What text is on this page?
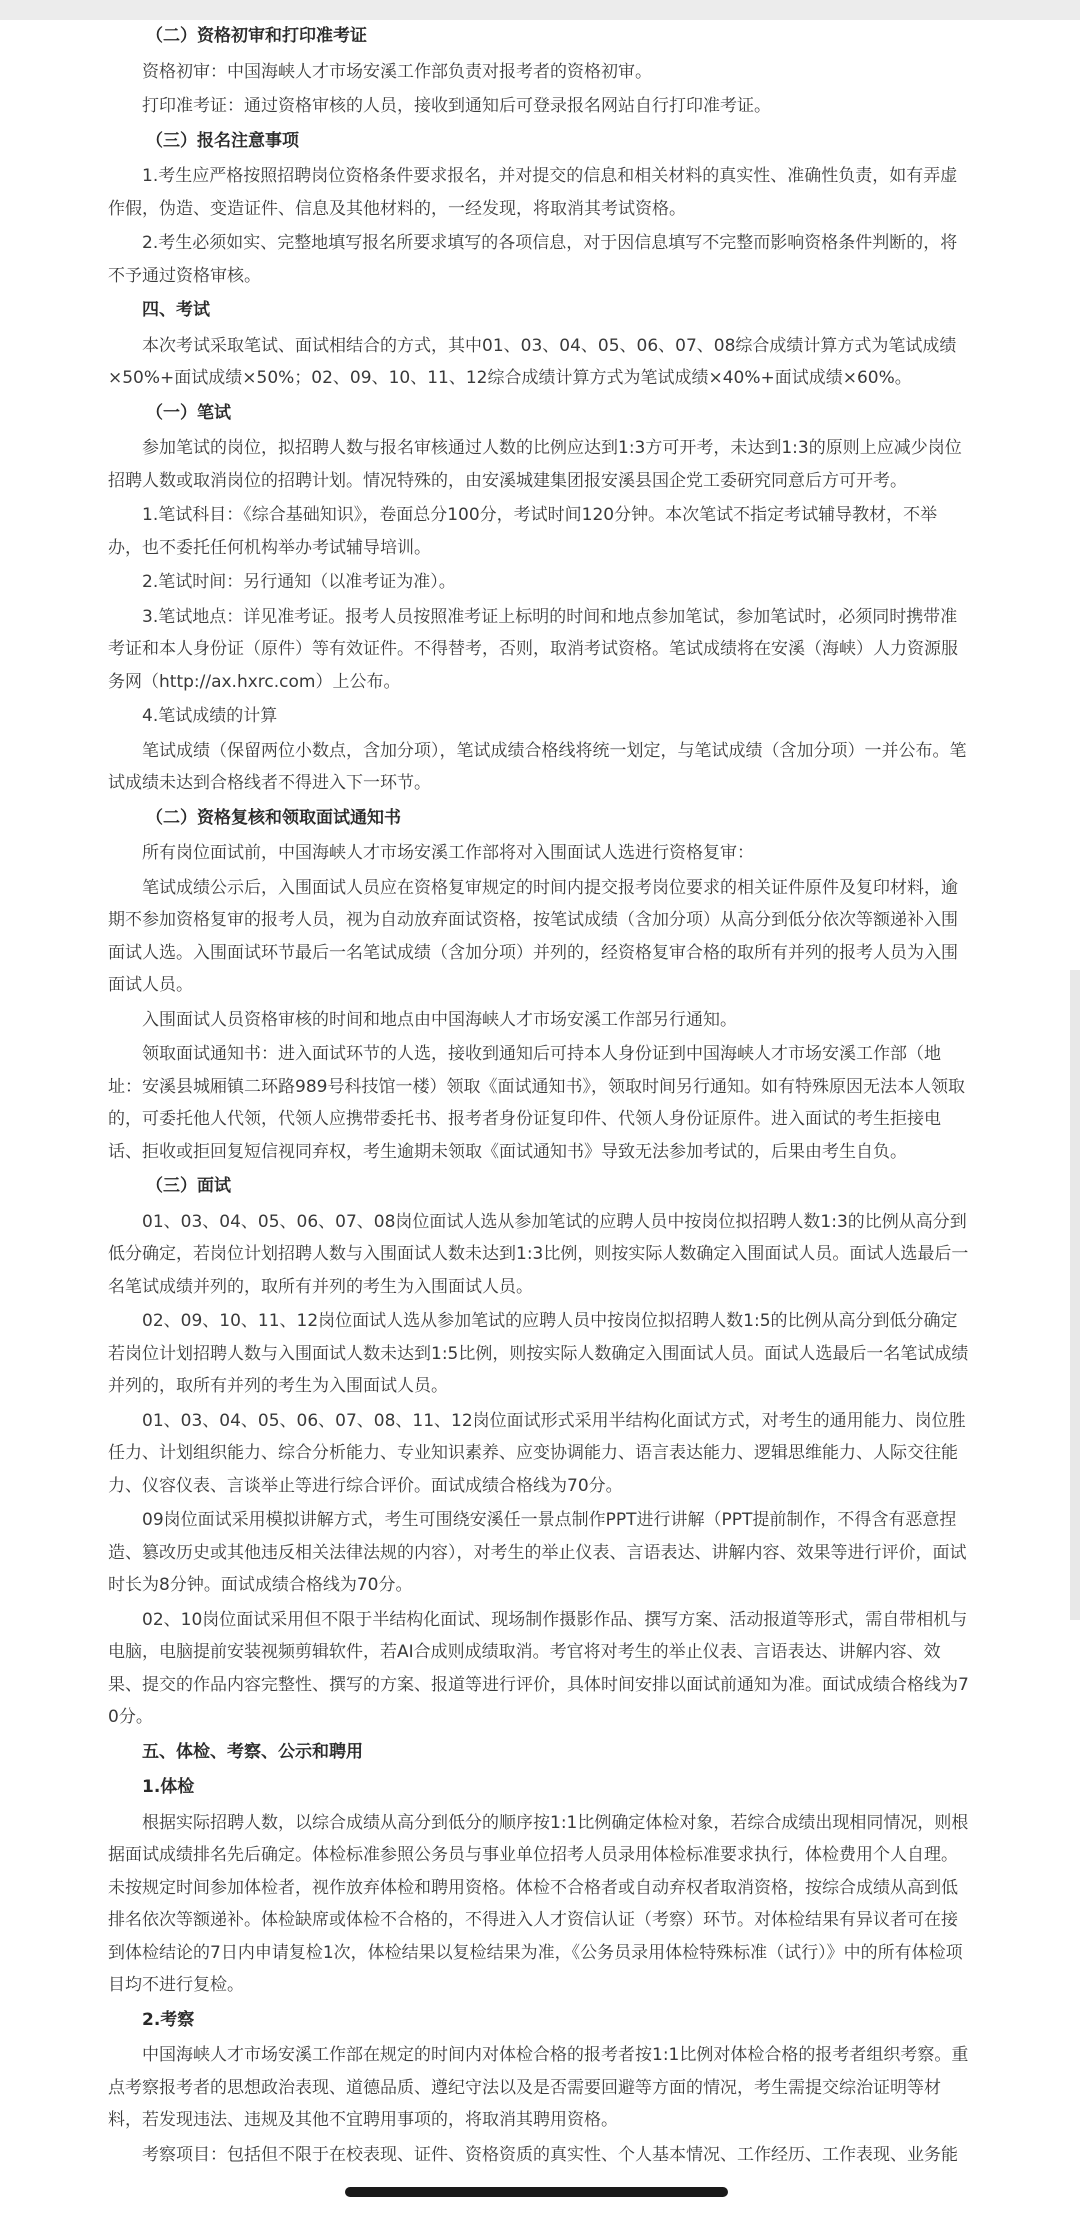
（二）资格初审和打印准考证
资格初审：中国海峡人才市场安溪工作部负责对报考者的资格初审。
打印准考证：通过资格审核的人员，接收到通知后可登录报名网站自行打印准考证。
（三）报名注意事项
1.考生应严格按照招聘岗位资格条件要求报名，并对提交的信息和相关材料的真实性、准确性负责，如有弄虚作假，伪造、变造证件、信息及其他材料的，一经发现，将取消其考试资格。
2.考生必须如实、完整地填写报名所要求填写的各项信息，对于因信息填写不完整而影响资格条件判断的，将不予通过资格审核。
四、考试
本次考试采取笔试、面试相结合的方式，其中01、03、04、05、06、07、08综合成绩计算方式为笔试成绩×50%+面试成绩×50%；02、09、10、11、12综合成绩计算方式为笔试成绩×40%+面试成绩×60%。
（一）笔试
参加笔试的岗位，拟招聘人数与报名审核通过人数的比例应达到1:3方可开考，未达到1:3的原则上应减少岗位招聘人数或取消岗位的招聘计划。情况特殊的，由安溪城建集团报安溪县国企党工委研究同意后方可开考。
1.笔试科目：《综合基础知识》，卷面总分100分，考试时间120分钟。本次笔试不指定考试辅导教材，不举办，也不委托任何机构举办考试辅导培训。
2.笔试时间：另行通知（以准考证为准）。
3.笔试地点：详见准考证。报考人员按照准考证上标明的时间和地点参加笔试，参加笔试时，必须同时携带准考证和本人身份证（原件）等有效证件。不得替考，否则，取消考试资格。笔试成绩将在安溪（海峡）人力资源服务网（http://ax.hxrc.com）上公布。
4.笔试成绩的计算
笔试成绩（保留两位小数点，含加分项），笔试成绩合格线将统一划定，与笔试成绩（含加分项）一并公布。笔试成绩未达到合格线者不得进入下一环节。
（二）资格复核和领取面试通知书
所有岗位面试前，中国海峡人才市场安溪工作部将对入围面试人选进行资格复审：
笔试成绩公示后，入围面试人员应在资格复审规定的时间内提交报考岗位要求的相关证件原件及复印材料，逾期不参加资格复审的报考人员，视为自动放弃面试资格，按笔试成绩（含加分项）从高分到低分依次等额递补入围面试人选。入围面试环节最后一名笔试成绩（含加分项）并列的，经资格复审合格的取所有并列的报考人员为入围面试人员。
入围面试人员资格审核的时间和地点由中国海峡人才市场安溪工作部另行通知。
领取面试通知书：进入面试环节的人选，接收到通知后可持本人身份证到中国海峡人才市场安溪工作部（地址：安溪县城厢镇二环路989号科技馆一楼）领取《面试通知书》，领取时间另行通知。如有特殊原因无法本人领取的，可委托他人代领，代领人应携带委托书、报考者身份证复印件、代领人身份证原件。进入面试的考生拒接电话、拒收或拒回复短信视同弃权，考生逾期未领取《面试通知书》导致无法参加考试的，后果由考生自负。
（三）面试
01、03、04、05、06、07、08岗位面试人选从参加笔试的应聘人员中按岗位拟招聘人数1:3的比例从高分到低分确定，若岗位计划招聘人数与入围面试人数未达到1:3比例，则按实际人数确定入围面试人员。面试人选最后一名笔试成绩并列的，取所有并列的考生为入围面试人员。
02、09、10、11、12岗位面试人选从参加笔试的应聘人员中按岗位拟招聘人数1:5的比例从高分到低分确定若岗位计划招聘人数与入围面试人数未达到1:5比例，则按实际人数确定入围面试人员。面试人选最后一名笔试成绩并列的，取所有并列的考生为入围面试人员。
01、03、04、05、06、07、08、11、12岗位面试形式采用半结构化面试方式，对考生的通用能力、岗位胜任力、计划组织能力、综合分析能力、专业知识素养、应变协调能力、语言表达能力、逻辑思维能力、人际交往能力、仪容仪表、言谈举止等进行综合评价。面试成绩合格线为70分。
09岗位面试采用模拟讲解方式，考生可围绕安溪任一景点制作PPT进行讲解（PPT提前制作，不得含有恶意捏造、篡改历史或其他违反相关法律法规的内容），对考生的举止仪表、言语表达、讲解内容、效果等进行评价，面试时长为8分钟。面试成绩合格线为70分。
02、10岗位面试采用但不限于半结构化面试、现场制作摄影作品、撰写方案、活动报道等形式，需自带相机与电脑，电脑提前安装视频剪辑软件，若AI合成则成绩取消。考官将对考生的举止仪表、言语表达、讲解内容、效果、提交的作品内容完整性、撰写的方案、报道等进行评价，具体时间安排以面试前通知为准。面试成绩合格线为70分。
五、体检、考察、公示和聘用
1.体检
根据实际招聘人数，以综合成绩从高分到低分的顺序按1:1比例确定体检对象，若综合成绩出现相同情况，则根据面试成绩排名先后确定。体检标准参照公务员与事业单位招考人员录用体检标准要求执行，体检费用个人自理。未按规定时间参加体检者，视作放弃体检和聘用资格。体检不合格者或自动弃权者取消资格，按综合成绩从高到低排名依次等额递补。体检缺席或体检不合格的，不得进入人才资信认证（考察）环节。对体检结果有异议者可在接到体检结论的7日内申请复检1次，体检结果以复检结果为准，《公务员录用体检特殊标准（试行）》中的所有体检项目均不进行复检。
2.考察
中国海峡人才市场安溪工作部在规定的时间内对体检合格的报考者按1:1比例对体检合格的报考者组织考察。重点考察报考者的思想政治表现、道德品质、遵纪守法以及是否需要回避等方面的情况，考生需提交综治证明等材料，若发现违法、违规及其他不宜聘用事项的，将取消其聘用资格。
考察项目：包括但不限于在校表现、证件、资格资质的真实性、个人基本情况、工作经历、工作表现、业务能
